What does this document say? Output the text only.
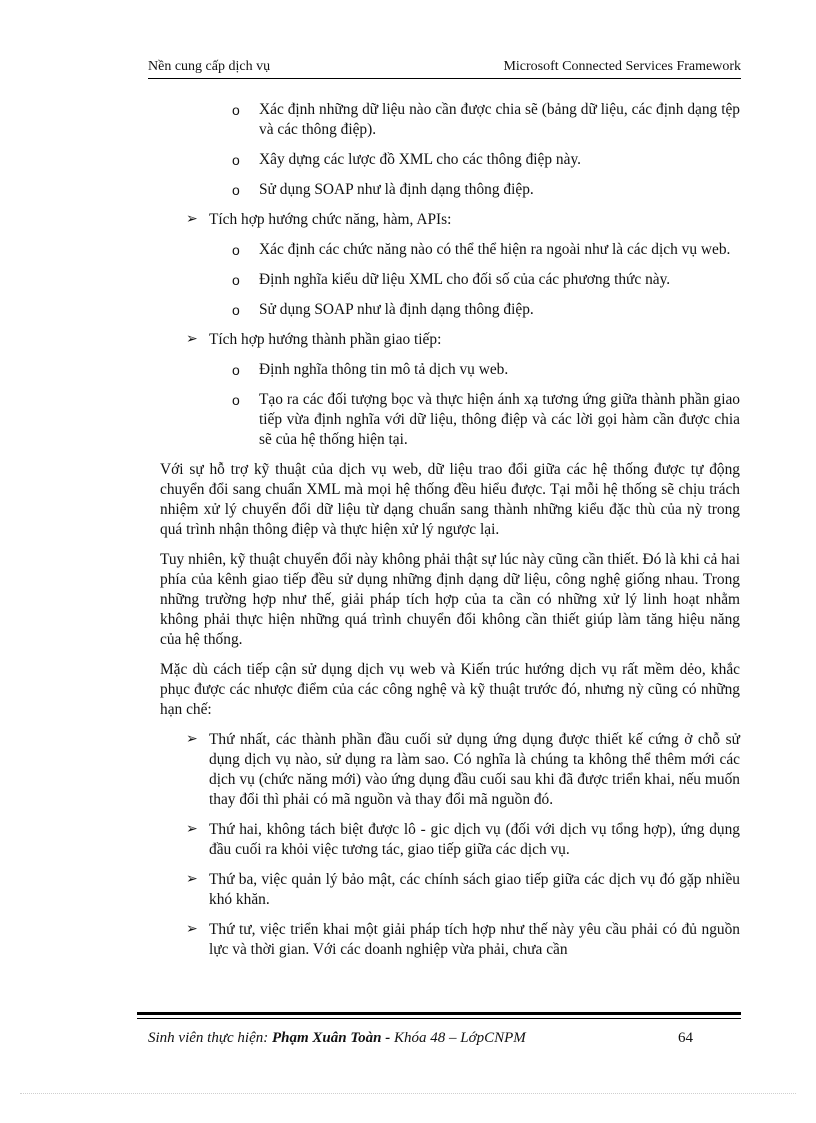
Nền cung cấp dịch vụ	Microsoft Connected Services Framework
o Xác định những dữ liệu nào cần được chia sẽ (bảng dữ liệu, các định dạng tệp và các thông điệp).
o Xây dựng các lược đồ XML cho các thông điệp này.
o Sử dụng SOAP như là định dạng thông điệp.
➢ Tích hợp hướng chức năng, hàm, APIs:
o Xác định các chức năng nào có thể thể hiện ra ngoài như là các dịch vụ web.
o Định nghĩa kiểu dữ liệu XML cho đối số của các phương thức này.
o Sử dụng SOAP như là định dạng thông điệp.
➢ Tích hợp hướng thành phần giao tiếp:
o Định nghĩa thông tin mô tả dịch vụ web.
o Tạo ra các đối tượng bọc và thực hiện ánh xạ tương ứng giữa thành phần giao tiếp vừa định nghĩa với dữ liệu, thông điệp và các lời gọi hàm cần được chia sẽ của hệ thống hiện tại.

Với sự hỗ trợ kỹ thuật của dịch vụ web, dữ liệu trao đổi giữa các hệ thống được tự động chuyển đổi sang chuẩn XML mà mọi hệ thống đều hiểu được. Tại mỗi hệ thống sẽ chịu trách nhiệm xử lý chuyển đổi dữ liệu từ dạng chuẩn sang thành những kiểu đặc thù của nỳ trong quá trình nhận thông điệp và thực hiện xử lý ngược lại.

Tuy nhiên, kỹ thuật chuyển đổi này không phải thật sự lúc này cũng cần thiết. Đó là khi cả hai phía của kênh giao tiếp đều sử dụng những định dạng dữ liệu, công nghệ giống nhau. Trong những trường hợp như thế, giải pháp tích hợp của ta cần có những xử lý linh hoạt nhằm không phải thực hiện những quá trình chuyển đổi không cần thiết giúp làm tăng hiệu năng của hệ thống.

Mặc dù cách tiếp cận sử dụng dịch vụ web và Kiến trúc hướng dịch vụ rất mềm dẻo, khắc phục được các nhược điểm của các công nghệ và kỹ thuật trước đó, nhưng nỳ cũng có những hạn chế:

➢ Thứ nhất, các thành phần đầu cuối sử dụng ứng dụng được thiết kế cứng ở chỗ sử dụng dịch vụ nào, sử dụng ra làm sao. Có nghĩa là chúng ta không thể thêm mới các dịch vụ (chức năng mới) vào ứng dụng đầu cuối sau khi đã được triển khai, nếu muốn thay đổi thì phải có mã nguồn và thay đổi mã nguồn đó.
➢ Thứ hai, không tách biệt được lô - gic dịch vụ (đối với dịch vụ tổng hợp), ứng dụng đầu cuối ra khỏi việc tương tác, giao tiếp giữa các dịch vụ.
➢ Thứ ba, việc quản lý bảo mật, các chính sách giao tiếp giữa các dịch vụ đó gặp nhiều khó khăn.
➢ Thứ tư, việc triển khai một giải pháp tích hợp như thế này yêu cầu phải có đủ nguồn lực và thời gian. Với các doanh nghiệp vừa phải, chưa cần
Sinh viên thực hiện: Phạm Xuân Toàn - Khóa 48 – LớpCNPM	64
